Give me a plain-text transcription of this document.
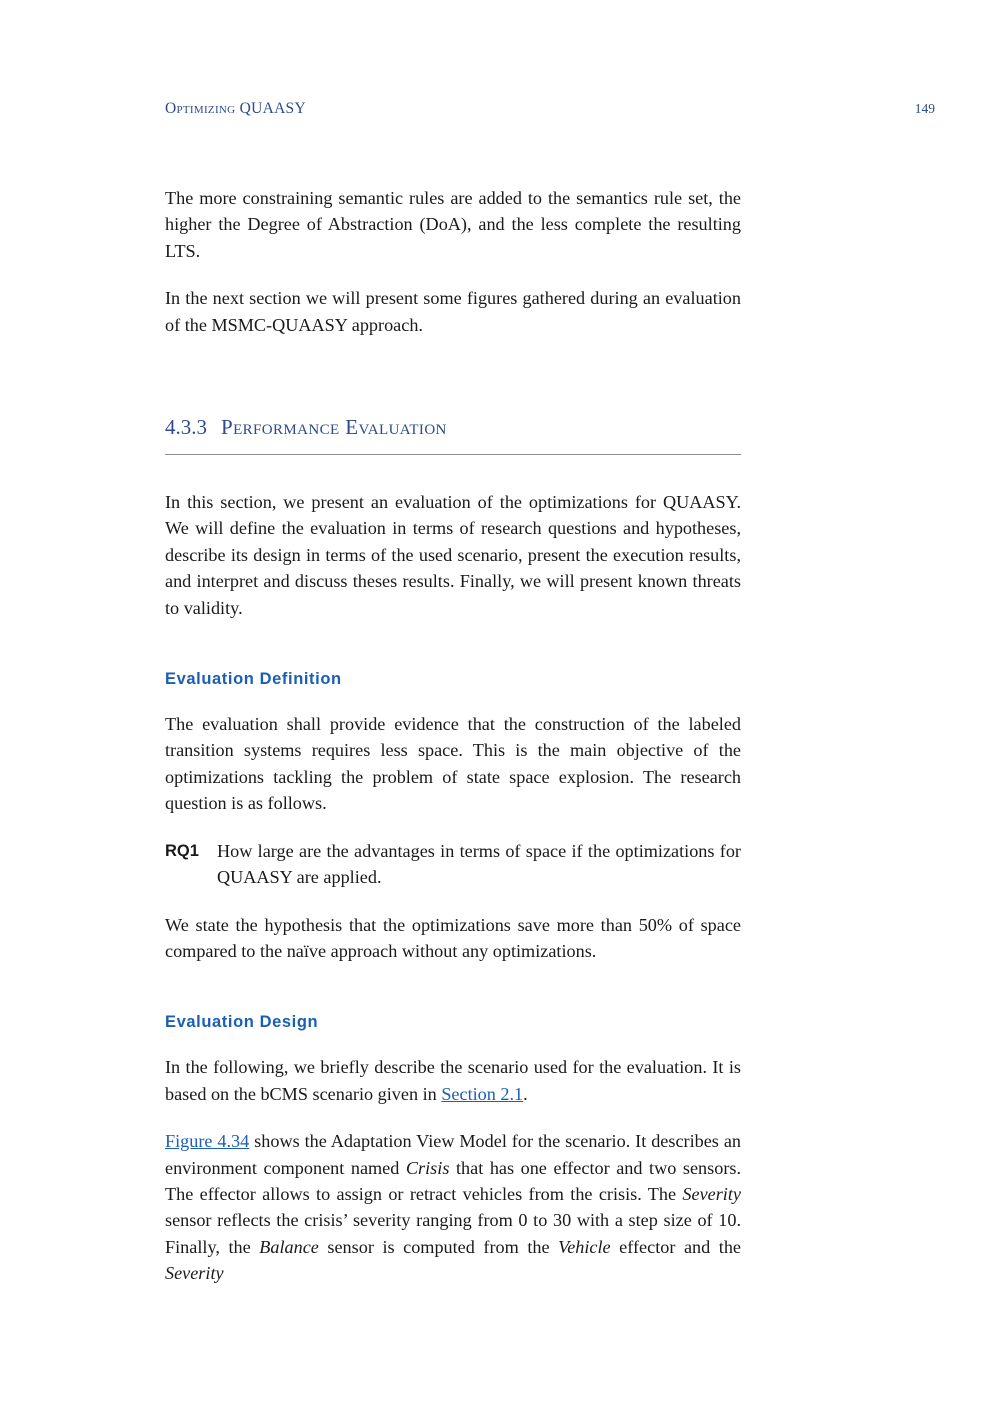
Optimizing QUAASY	149

The more constraining semantic rules are added to the semantics rule set, the higher the Degree of Abstraction (DoA), and the less complete the resulting LTS.

In the next section we will present some figures gathered during an evaluation of the MSMC-QUAASY approach.

4.3.3 Performance Evaluation

In this section, we present an evaluation of the optimizations for QUAASY. We will define the evaluation in terms of research questions and hypotheses, describe its design in terms of the used scenario, present the execution results, and interpret and discuss theses results. Finally, we will present known threats to validity.

Evaluation Definition

The evaluation shall provide evidence that the construction of the labeled transition systems requires less space. This is the main objective of the optimizations tackling the problem of state space explosion. The research question is as follows.

RQ1 How large are the advantages in terms of space if the optimizations for QUAASY are applied.

We state the hypothesis that the optimizations save more than 50% of space compared to the naïve approach without any optimizations.

Evaluation Design

In the following, we briefly describe the scenario used for the evaluation. It is based on the bCMS scenario given in Section 2.1.

Figure 4.34 shows the Adaptation View Model for the scenario. It describes an environment component named Crisis that has one effector and two sensors. The effector allows to assign or retract vehicles from the crisis. The Severity sensor reflects the crisis’ severity ranging from 0 to 30 with a step size of 10. Finally, the Balance sensor is computed from the Vehicle effector and the Severity
